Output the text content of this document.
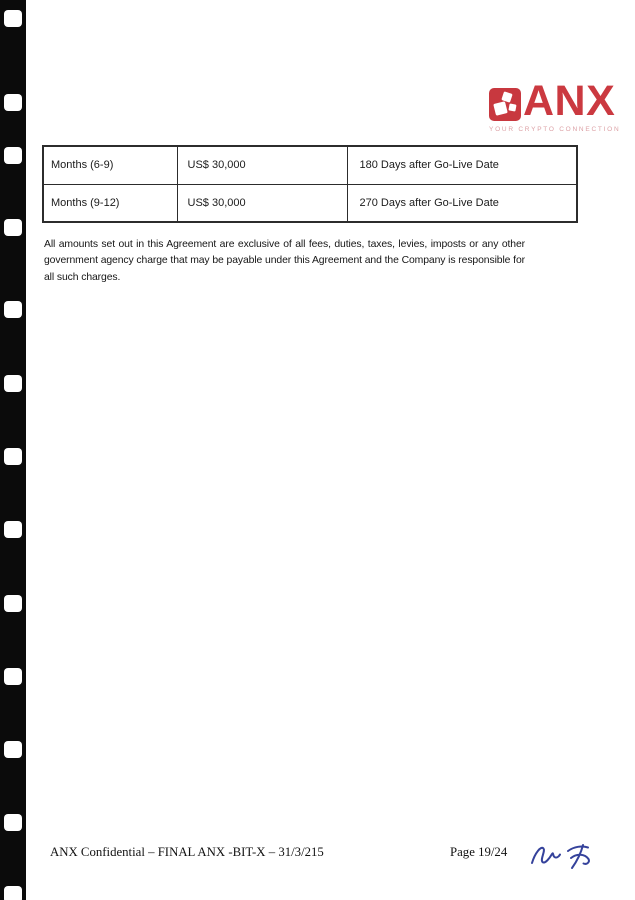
ANX
YOUR CRYPTO CONNECTION
Months (6-9)	US$ 30,000	180 Days after Go-Live Date
Months (9-12)	US$ 30,000	270 Days after Go-Live Date

All amounts set out in this Agreement are exclusive of all fees, duties, taxes, levies, imposts or any other government agency charge that may be payable under this Agreement and the Company is responsible for all such charges.

ANX Confidential – FINAL ANX -BIT-X – 31/3/215	Page 19/24
